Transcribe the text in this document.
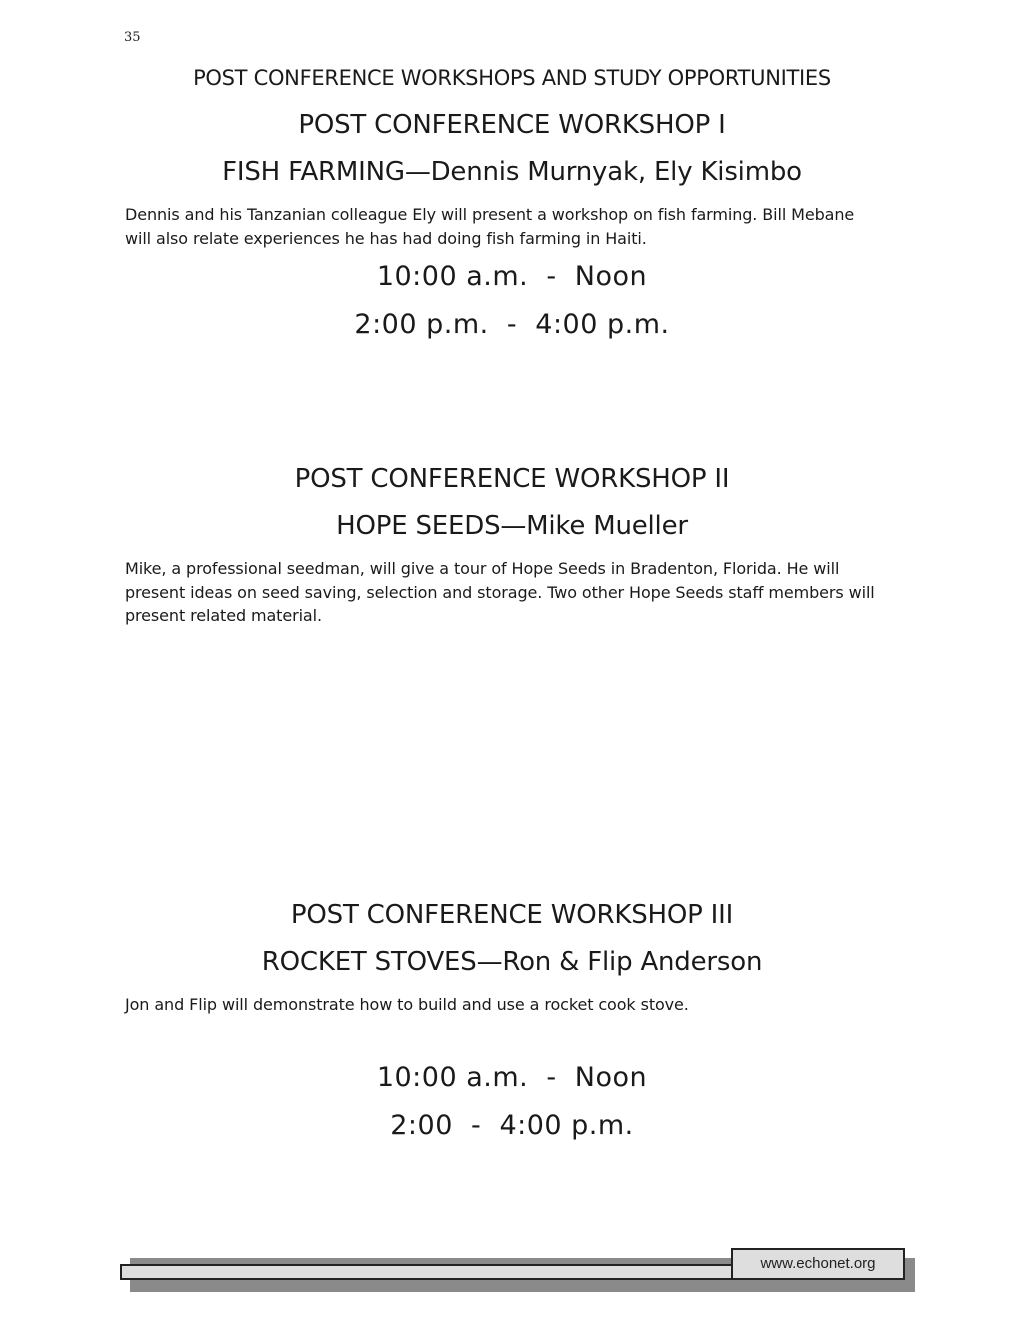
35
POST CONFERENCE WORKSHOPS AND STUDY OPPORTUNITIES
POST CONFERENCE WORKSHOP I
FISH FARMING—Dennis Murnyak, Ely Kisimbo
Dennis and his Tanzanian colleague Ely will present a workshop on fish farming. Bill Mebane
will also relate experiences he has had doing fish farming in Haiti.
10:00 a.m.  -  Noon
2:00 p.m.  -  4:00 p.m.
POST CONFERENCE WORKSHOP II
HOPE SEEDS—Mike Mueller
Mike, a professional seedman, will give a tour of Hope Seeds in Bradenton, Florida. He will
present ideas on seed saving, selection and storage. Two other Hope Seeds staff members will
present related material.
POST CONFERENCE WORKSHOP III
ROCKET STOVES—Ron & Flip Anderson
Jon and Flip will demonstrate how to build and use a rocket cook stove.
10:00 a.m.  -  Noon
2:00  -  4:00 p.m.
www.echonet.org
